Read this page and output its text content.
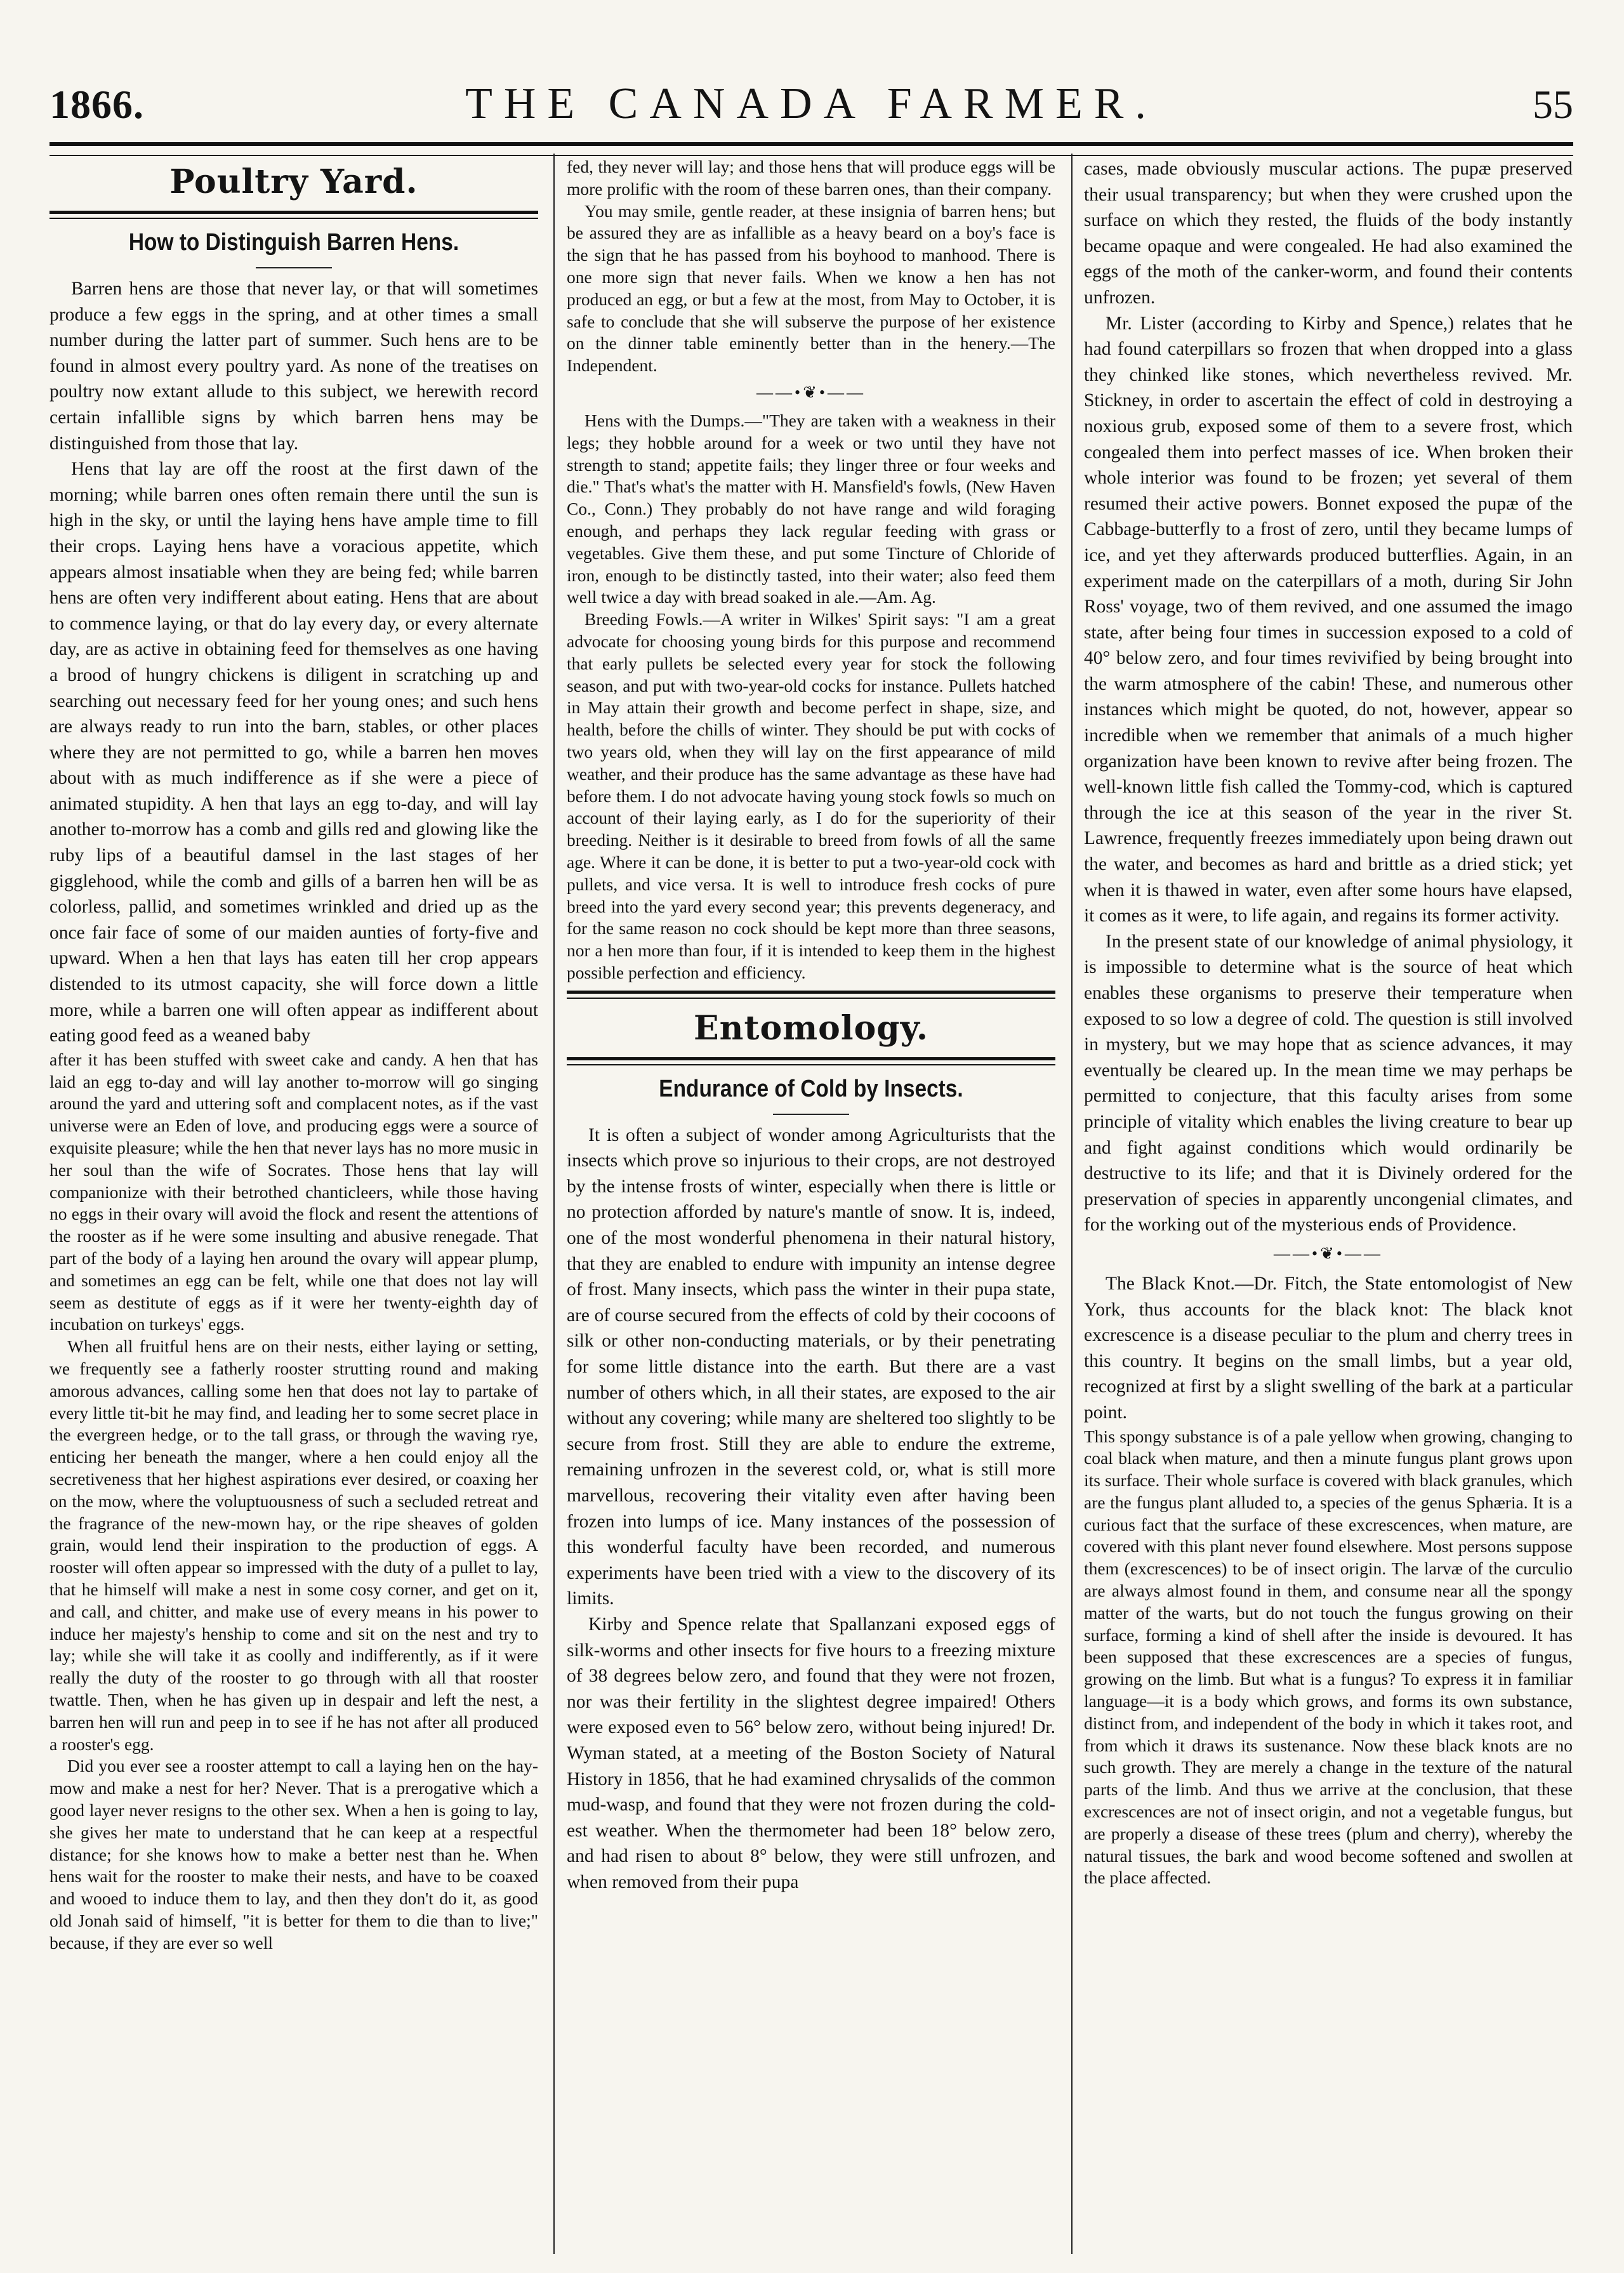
1866.	THE CANADA FARMER.	55
Poultry Yard.
How to Distinguish Barren Hens.

Barren hens are those that never lay, or that will sometimes produce a few eggs in the spring, and at other times a small number during the latter part of summer. Such hens are to be found in almost every poultry yard. As none of the treatises on poultry now extant allude to this subject, we herewith record certain infallible signs by which barren hens may be distinguished from those that lay.

Hens that lay are off the roost at the first dawn of the morning; while barren ones often remain there until the sun is high in the sky, or until the laying hens have ample time to fill their crops. Laying hens have a voracious appetite, which appears almost insatiable when they are being fed; while barren hens are often very indifferent about eating. Hens that are about to commence laying, or that do lay every day, or every alternate day, are as active in obtaining feed for themselves as one having a brood of hungry chickens is diligent in scratching up and searching out necessary feed for her young ones; and such hens are always ready to run into the barn, stables, or other places where they are not permitted to go, while a barren hen moves about with as much indifference as if she were a piece of animated stupidity. A hen that lays an egg to-day, and will lay another to-morrow has a comb and gills red and glowing like the ruby lips of a beautiful damsel in the last stages of her gigglehood, while the comb and gills of a barren hen will be as colorless, pallid, and sometimes wrinkled and dried up as the once fair face of some of our maiden aunties of forty-five and upward. When a hen that lays has eaten till her crop appears distended to its utmost capacity, she will force down a little more, while a barren one will often appear as indifferent about eating good feed as a weaned baby

after it has been stuffed with sweet cake and candy. A hen that has laid an egg to-day and will lay another to-morrow will go singing around the yard and uttering soft and complacent notes, as if the vast universe were an Eden of love, and producing eggs were a source of exquisite pleasure; while the hen that never lays has no more music in her soul than the wife of Socrates. Those hens that lay will companionize with their betrothed chanticleers, while those having no eggs in their ovary will avoid the flock and resent the attentions of the rooster as if he were some insulting and abusive renegade. That part of the body of a laying hen around the ovary will appear plump, and sometimes an egg can be felt, while one that does not lay will seem as destitute of eggs as if it were her twenty-eighth day of incubation on turkeys' eggs.

When all fruitful hens are on their nests, either laying or setting, we frequently see a fatherly rooster strutting round and making amorous advances, calling some hen that does not lay to partake of every little tit-bit he may find, and leading her to some secret place in the evergreen hedge, or to the tall grass, or through the waving rye, enticing her beneath the manger, where a hen could enjoy all the secretiveness that her highest aspirations ever desired, or coaxing her on the mow, where the voluptuousness of such a secluded retreat and the fragrance of the new-mown hay, or the ripe sheaves of golden grain, would lend their inspiration to the production of eggs. A rooster will often appear so impressed with the duty of a pullet to lay, that he himself will make a nest in some cosy corner, and get on it, and call, and chitter, and make use of every means in his power to induce her majesty's henship to come and sit on the nest and try to lay; while she will take it as coolly and indifferently, as if it were really the duty of the rooster to go through with all that rooster twattle. Then, when he has given up in despair and left the nest, a barren hen will run and peep in to see if he has not after all produced a rooster's egg.

Did you ever see a rooster attempt to call a laying hen on the hay-mow and make a nest for her? Never. That is a prerogative which a good layer never resigns to the other sex. When a hen is going to lay, she gives her mate to understand that he can keep at a respectful distance; for she knows how to make a better nest than he. When hens wait for the rooster to make their nests, and have to be coaxed and wooed to induce them to lay, and then they don't do it, as good old Jonah said of himself, "it is better for them to die than to live;" because, if they are ever so well

fed, they never will lay; and those hens that will produce eggs will be more prolific with the room of these barren ones, than their company.

You may smile, gentle reader, at these insignia of barren hens; but be assured they are as infallible as a heavy beard on a boy's face is the sign that he has passed from his boyhood to manhood. There is one more sign that never fails. When we know a hen has not produced an egg, or but a few at the most, from May to October, it is safe to conclude that she will subserve the purpose of her existence on the dinner table eminently better than in the henery.—The Independent.

——•❦•——

Hens with the Dumps.—"They are taken with a weakness in their legs; they hobble around for a week or two until they have not strength to stand; appetite fails; they linger three or four weeks and die." That's what's the matter with H. Mansfield's fowls, (New Haven Co., Conn.) They probably do not have range and wild foraging enough, and perhaps they lack regular feeding with grass or vegetables. Give them these, and put some Tincture of Chloride of iron, enough to be distinctly tasted, into their water; also feed them well twice a day with bread soaked in ale.—Am. Ag.

Breeding Fowls.—A writer in Wilkes' Spirit says: "I am a great advocate for choosing young birds for this purpose and recommend that early pullets be selected every year for stock the following season, and put with two-year-old cocks for instance. Pullets hatched in May attain their growth and become perfect in shape, size, and health, before the chills of winter. They should be put with cocks of two years old, when they will lay on the first appearance of mild weather, and their produce has the same advantage as these have had before them. I do not advocate having young stock fowls so much on account of their laying early, as I do for the superiority of their breeding. Neither is it desirable to breed from fowls of all the same age. Where it can be done, it is better to put a two-year-old cock with pullets, and vice versa. It is well to introduce fresh cocks of pure breed into the yard every second year; this prevents degeneracy, and for the same reason no cock should be kept more than three seasons, nor a hen more than four, if it is intended to keep them in the highest possible perfection and efficiency.

Entomology.
Endurance of Cold by Insects.

It is often a subject of wonder among Agriculturists that the insects which prove so injurious to their crops, are not destroyed by the intense frosts of winter, especially when there is little or no protection afforded by nature's mantle of snow. It is, indeed, one of the most wonderful phenomena in their natural history, that they are enabled to endure with impunity an intense degree of frost. Many insects, which pass the winter in their pupa state, are of course secured from the effects of cold by their cocoons of silk or other non-conducting materials, or by their penetrating for some little distance into the earth. But there are a vast number of others which, in all their states, are exposed to the air without any covering; while many are sheltered too slightly to be secure from frost. Still they are able to endure the extreme, remaining unfrozen in the severest cold, or, what is still more marvellous, recovering their vitality even after having been frozen into lumps of ice. Many instances of the possession of this wonderful faculty have been recorded, and numerous experiments have been tried with a view to the discovery of its limits.

Kirby and Spence relate that Spallanzani exposed eggs of silk-worms and other insects for five hours to a freezing mixture of 38 degrees below zero, and found that they were not frozen, nor was their fertility in the slightest degree impaired! Others were exposed even to 56° below zero, without being injured! Dr. Wyman stated, at a meeting of the Boston Society of Natural History in 1856, that he had examined chrysalids of the common mud-wasp, and found that they were not frozen during the cold-est weather. When the thermometer had been 18° below zero, and had risen to about 8° below, they were still unfrozen, and when removed from their pupa

cases, made obviously muscular actions. The pupæ preserved their usual transparency; but when they were crushed upon the surface on which they rested, the fluids of the body instantly became opaque and were congealed. He had also examined the eggs of the moth of the canker-worm, and found their contents unfrozen.

Mr. Lister (according to Kirby and Spence,) relates that he had found caterpillars so frozen that when dropped into a glass they chinked like stones, which nevertheless revived. Mr. Stickney, in order to ascertain the effect of cold in destroying a noxious grub, exposed some of them to a severe frost, which congealed them into perfect masses of ice. When broken their whole interior was found to be frozen; yet several of them resumed their active powers. Bonnet exposed the pupæ of the Cabbage-butterfly to a frost of zero, until they became lumps of ice, and yet they afterwards produced butterflies. Again, in an experiment made on the caterpillars of a moth, during Sir John Ross' voyage, two of them revived, and one assumed the imago state, after being four times in succession exposed to a cold of 40° below zero, and four times revivified by being brought into the warm atmosphere of the cabin! These, and numerous other instances which might be quoted, do not, however, appear so incredible when we remember that animals of a much higher organization have been known to revive after being frozen. The well-known little fish called the Tommy-cod, which is captured through the ice at this season of the year in the river St. Lawrence, frequently freezes immediately upon being drawn out the water, and becomes as hard and brittle as a dried stick; yet when it is thawed in water, even after some hours have elapsed, it comes as it were, to life again, and regains its former activity.

In the present state of our knowledge of animal physiology, it is impossible to determine what is the source of heat which enables these organisms to preserve their temperature when exposed to so low a degree of cold. The question is still involved in mystery, but we may hope that as science advances, it may eventually be cleared up. In the mean time we may perhaps be permitted to conjecture, that this faculty arises from some principle of vitality which enables the living creature to bear up and fight against conditions which would ordinarily be destructive to its life; and that it is Divinely ordered for the preservation of species in apparently uncongenial climates, and for the working out of the mysterious ends of Providence.

——•❦•——

The Black Knot.—Dr. Fitch, the State entomologist of New York, thus accounts for the black knot: The black knot excrescence is a disease peculiar to the plum and cherry trees in this country. It begins on the small limbs, but a year old, recognized at first by a slight swelling of the bark at a particular point.

This spongy substance is of a pale yellow when growing, changing to coal black when mature, and then a minute fungus plant grows upon its surface. Their whole surface is covered with black granules, which are the fungus plant alluded to, a species of the genus Sphæria. It is a curious fact that the surface of these excrescences, when mature, are covered with this plant never found elsewhere. Most persons suppose them (excrescences) to be of insect origin. The larvæ of the curculio are always almost found in them, and consume near all the spongy matter of the warts, but do not touch the fungus growing on their surface, forming a kind of shell after the inside is devoured. It has been supposed that these excrescences are a species of fungus, growing on the limb. But what is a fungus? To express it in familiar language—it is a body which grows, and forms its own substance, distinct from, and independent of the body in which it takes root, and from which it draws its sustenance. Now these black knots are no such growth. They are merely a change in the texture of the natural parts of the limb. And thus we arrive at the conclusion, that these excrescences are not of insect origin, and not a vegetable fungus, but are properly a disease of these trees (plum and cherry), whereby the natural tissues, the bark and wood become softened and swollen at the place affected.
